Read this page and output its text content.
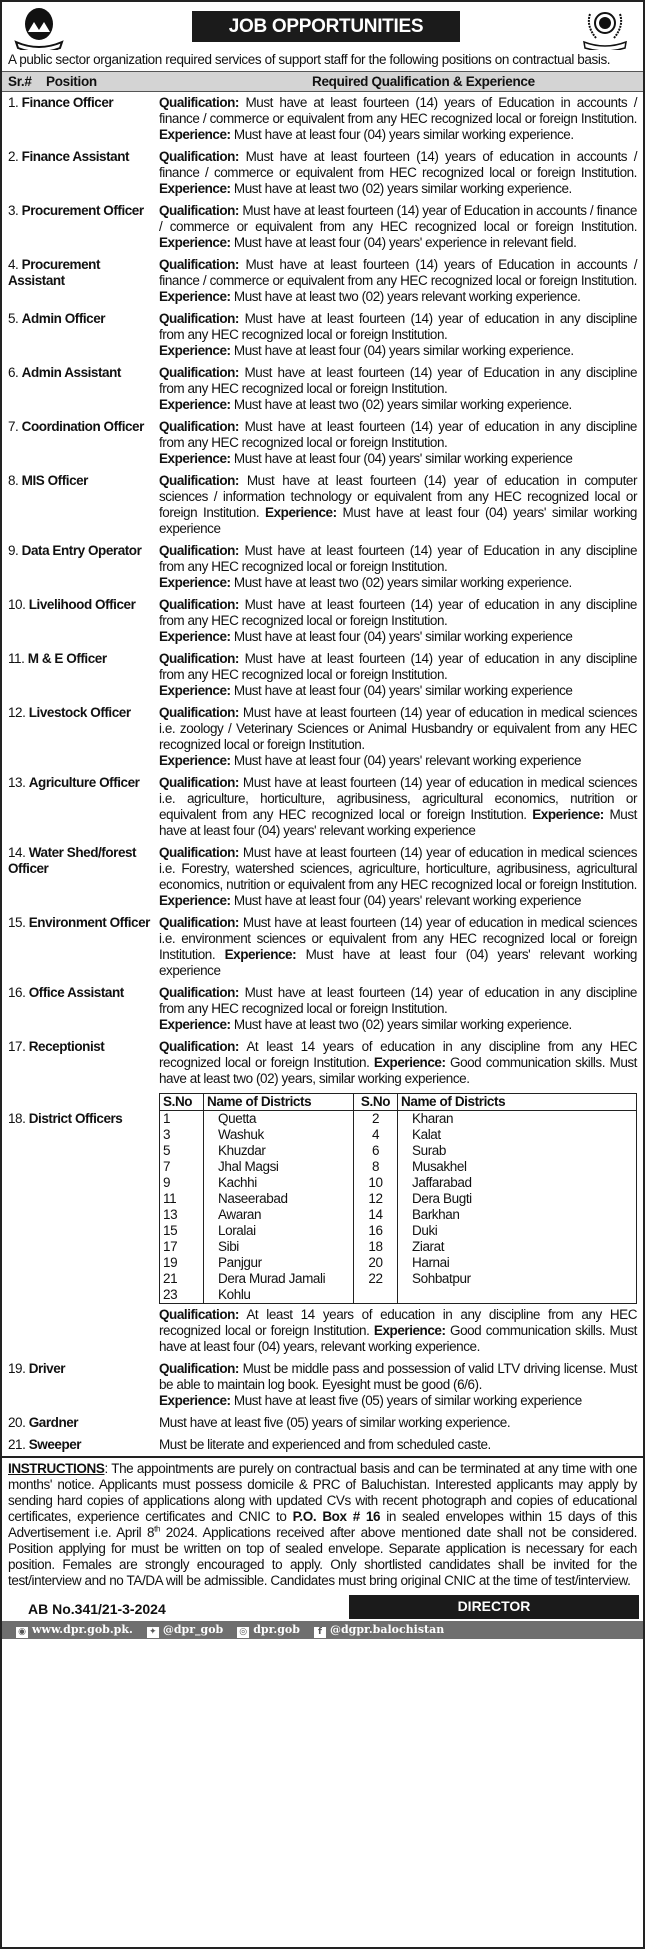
JOB OPPORTUNITIES
A public sector organization required services of support staff for the following positions on contractual basis.
Sr.# Position	Required Qualification & Experience
1. Finance Officer	Qualification: Must have at least fourteen (14) years of Education in accounts / finance / commerce or equivalent from any HEC recognized local or foreign Institution. Experience: Must have at least four (04) years similar working experience.
2. Finance Assistant	Qualification: Must have at least fourteen (14) years of education in accounts / finance / commerce or equivalent from HEC recognized local or foreign Institution. Experience: Must have at least two (02) years similar working experience.
3. Procurement Officer	Qualification: Must have at least fourteen (14) year of Education in accounts / finance / commerce or equivalent from any HEC recognized local or foreign Institution. Experience: Must have at least four (04) years' experience in relevant field.
4. Procurement Assistant
Qualification: Must have at least fourteen (14) years of Education in accounts / finance / commerce or equivalent from any HEC recognized local or foreign Institution. Experience: Must have at least two (02) years relevant working experience.
5. Admin Officer	Qualification: Must have at least fourteen (14) year of education in any discipline from any HEC recognized local or foreign Institution.
Experience: Must have at least four (04) years similar working experience.
6. Admin Assistant	Qualification: Must have at least fourteen (14) year of Education in any discipline from any HEC recognized local or foreign Institution.
Experience: Must have at least two (02) years similar working experience.
7. Coordination Officer	Qualification: Must have at least fourteen (14) year of education in any discipline from any HEC recognized local or foreign Institution.
Experience: Must have at least four (04) years' similar working experience
8. MIS Officer	Qualification: Must have at least fourteen (14) year of education in computer sciences / information technology or equivalent from any HEC recognized local or foreign Institution. Experience: Must have at least four (04) years' similar working experience
9. Data Entry Operator	Qualification: Must have at least fourteen (14) year of Education in any discipline from any HEC recognized local or foreign Institution.
Experience: Must have at least two (02) years similar working experience.
10. Livelihood Officer	Qualification: Must have at least fourteen (14) year of education in any discipline from any HEC recognized local or foreign Institution.
Experience: Must have at least four (04) years' similar working experience
11. M & E Officer	Qualification: Must have at least fourteen (14) year of education in any discipline from any HEC recognized local or foreign Institution.
Experience: Must have at least four (04) years' similar working experience
12. Livestock Officer	Qualification: Must have at least fourteen (14) year of education in medical sciences i.e. zoology / Veterinary Sciences or Animal Husbandry or equivalent from any HEC recognized local or foreign Institution.
Experience: Must have at least four (04) years' relevant working experience
13. Agriculture Officer	Qualification: Must have at least fourteen (14) year of education in medical sciences i.e. agriculture, horticulture, agribusiness, agricultural economics, nutrition or equivalent from any HEC recognized local or foreign Institution. Experience: Must have at least four (04) years' relevant working experience
14. Water Shed/forest Officer
Qualification: Must have at least fourteen (14) year of education in medical sciences i.e. Forestry, watershed sciences, agriculture, horticulture, agribusiness, agricultural economics, nutrition or equivalent from any HEC recognized local or foreign Institution. Experience: Must have at least four (04) years' relevant working experience
15. Environment Officer Qualification: Must have at least fourteen (14) year of education in medical sciences i.e. environment sciences or equivalent from any HEC recognized local or foreign Institution. Experience: Must have at least four (04) years' relevant working experience
16. Office Assistant	Qualification: Must have at least fourteen (14) year of education in any discipline from any HEC recognized local or foreign Institution.
Experience: Must have at least two (02) years similar working experience.
17. Receptionist	Qualification: At least 14 years of education in any discipline from any HEC recognized local or foreign Institution. Experience: Good communication skills. Must have at least two (02) years, similar working experience.
18. District Officers
S.No	Name of Districts	S.No	Name of Districts
1	Quetta	2	Kharan
3	Washuk	4	Kalat
5	Khuzdar	6	Surab
7	Jhal Magsi	8	Musakhel
9	Kachhi	10	Jaffarabad
11	Naseerabad	12	Dera Bugti
13	Awaran	14	Barkhan
15	Loralai	16	Duki
17	Sibi	18	Ziarat
19	Panjgur	20	Harnai
21	Dera Murad Jamali	22	Sohbatpur
23	Kohlu		
Qualification: At least 14 years of education in any discipline from any HEC recognized local or foreign Institution. Experience: Good communication skills. Must have at least four (04) years, relevant working experience.
19. Driver	Qualification: Must be middle pass and possession of valid LTV driving license. Must be able to maintain log book. Eyesight must be good (6/6).
Experience: Must have at least five (05) years of similar working experience
20. Gardner	Must have at least five (05) years of similar working experience.
21. Sweeper	Must be literate and experienced and from scheduled caste.
INSTRUCTIONS: The appointments are purely on contractual basis and can be terminated at any time with one months' notice. Applicants must possess domicile & PRC of Baluchistan. Interested applicants may apply by sending hard copies of applications along with updated CVs with recent photograph and copies of educational certificates, experience certificates and CNIC to P.O. Box # 16 in sealed envelopes within 15 days of this Advertisement i.e. April 8th 2024. Applications received after above mentioned date shall not be considered. Position applying for must be written on top of sealed envelope. Separate application is necessary for each position. Females are strongly encouraged to apply. Only shortlisted candidates shall be invited for the test/interview and no TA/DA will be admissible. Candidates must bring original CNIC at the time of test/interview.
AB No.341/21-3-2024	DIRECTOR
◉ www.dpr.gob.pk. ✦ @dpr_gob ◎ dpr.gob	f @dgpr.balochistan
